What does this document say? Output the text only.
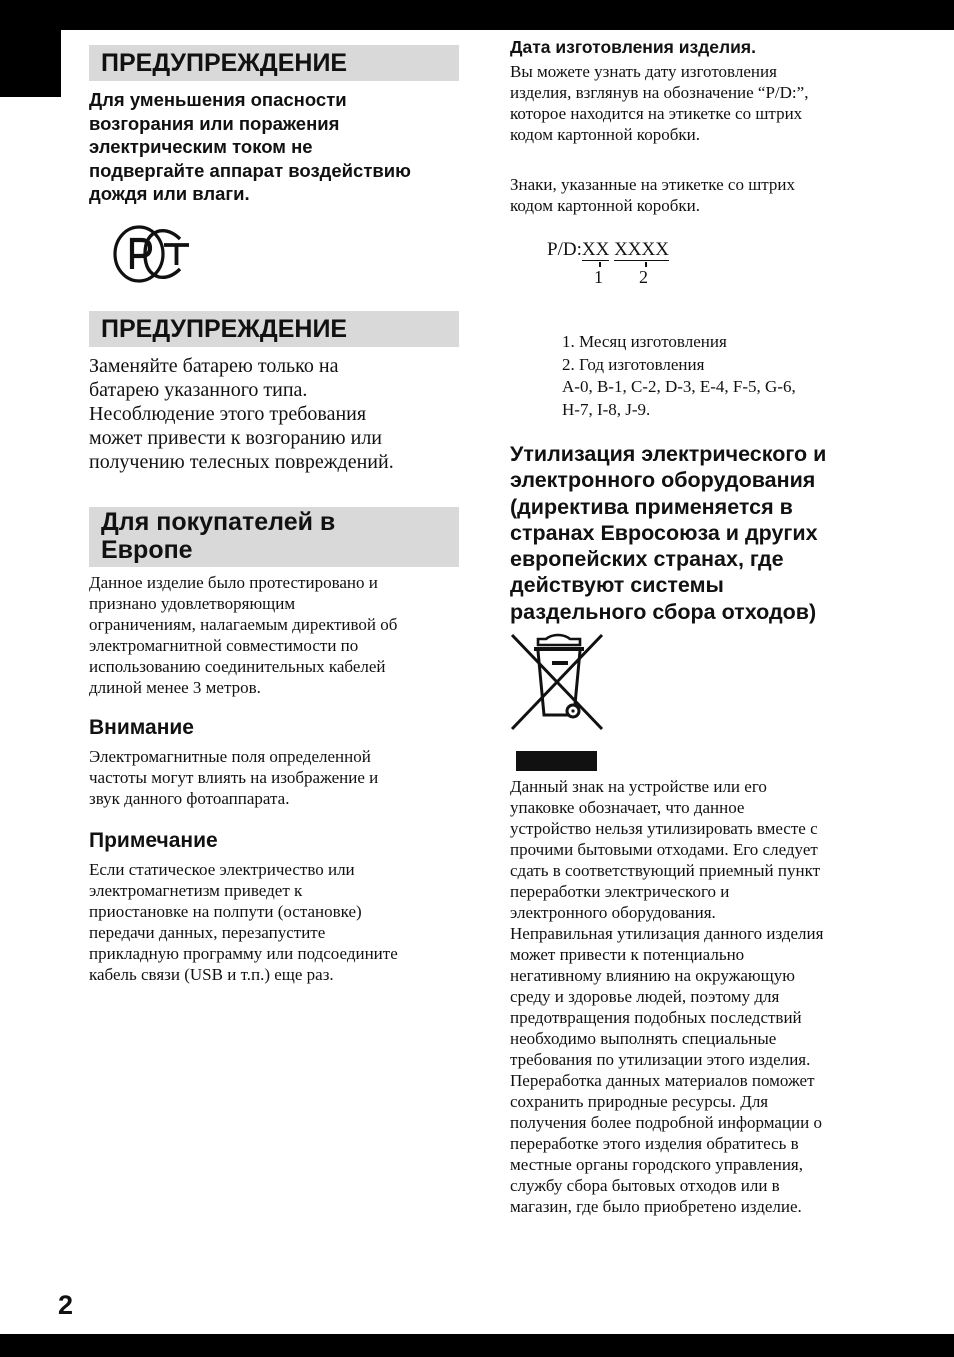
ПРЕДУПРЕЖДЕНИЕ
Для уменьшения опасности
возгорания или поражения
электрическим током не
подвергайте аппарат воздействию
дождя или влаги.
ПРЕДУПРЕЖДЕНИЕ
Заменяйте батарею только на
батарею указанного типа.
Несоблюдение этого требования
может привести к возгоранию или
получению телесных повреждений.
Для покупателей в
Европе
Данное изделие было протестировано и
признано удовлетворяющим
ограничениям, налагаемым директивой об
электромагнитной совместимости по
использованию соединительных кабелей
длиной менее 3 метров.
Внимание
Электромагнитные поля определенной
частоты могут влиять на изображение и
звук данного фотоаппарата.
Примечание
Если статическое электричество или
электромагнетизм приведет к
приостановке на полпути (остановке)
передачи данных, перезапустите
прикладную программу или подсоедините
кабель связи (USB и т.п.) еще раз.
Дата изготовления изделия.
Вы можете узнать дату изготовления
изделия, взглянув на обозначение “P/D:”,
которое находится на этикетке со штрих
кодом картонной коробки.
Знаки, указанные на этикетке со штрих
кодом картонной коробки.
P/D:XX XXXX
1 2
1. Месяц изготовления
2. Год изготовления
A-0, B-1, C-2, D-3, E-4, F-5, G-6,
H-7, I-8, J-9.
Утилизация электрического и
электронного оборудования
(директива применяется в
странах Евросоюза и других
европейских странах, где
действуют системы
раздельного сбора отходов)
Данный знак на устройстве или его
упаковке обозначает, что данное
устройство нельзя утилизировать вместе с
прочими бытовыми отходами. Его следует
сдать в соответствующий приемный пункт
переработки электрического и
электронного оборудования.
Неправильная утилизация данного изделия
может привести к потенциально
негативному влиянию на окружающую
среду и здоровье людей, поэтому для
предотвращения подобных последствий
необходимо выполнять специальные
требования по утилизации этого изделия.
Переработка данных материалов поможет
сохранить природные ресурсы. Для
получения более подробной информации о
переработке этого изделия обратитесь в
местные органы городского управления,
службу сбора бытовых отходов или в
магазин, где было приобретено изделие.
2
